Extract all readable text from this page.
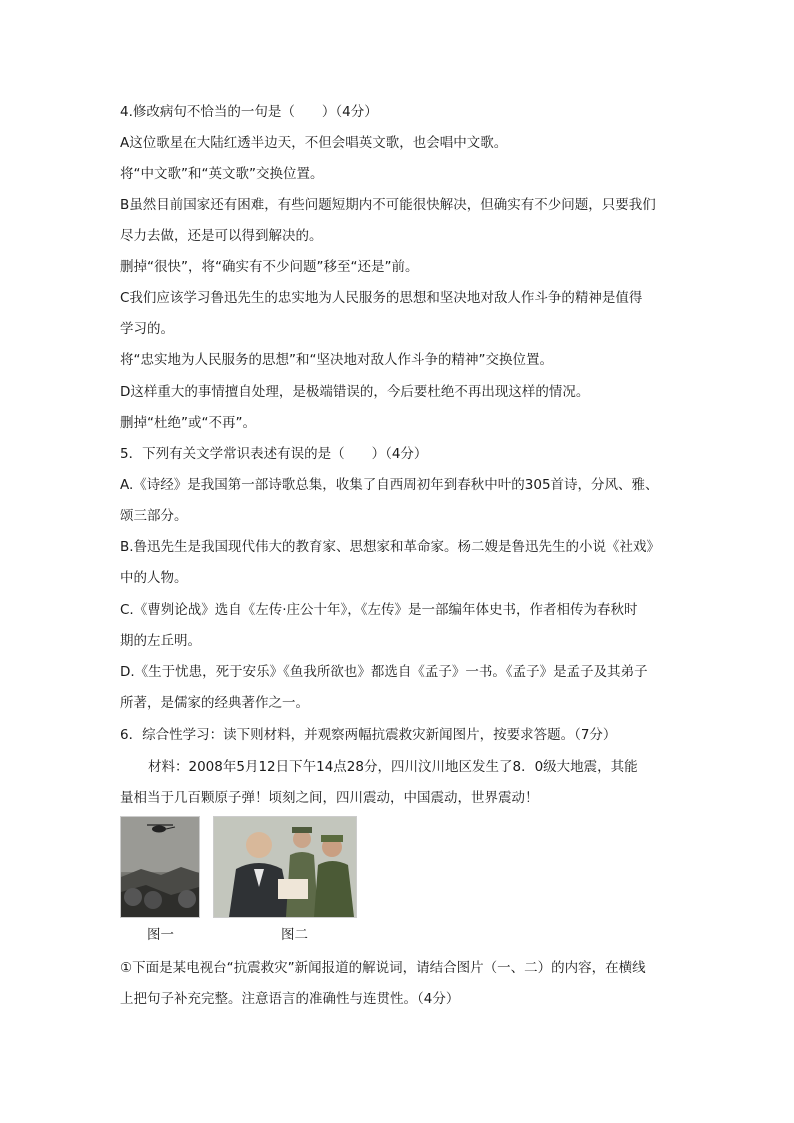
4.修改病句不恰当的一句是（　　）（4分）
A这位歌星在大陆红透半边天，不但会唱英文歌，也会唱中文歌。
将“中文歌”和“英文歌”交换位置。
B虽然目前国家还有困难，有些问题短期内不可能很快解决，但确实有不少问题，只要我们
尽力去做，还是可以得到解决的。
删掉“很快”，将“确实有不少问题”移至“还是”前。
C我们应该学习鲁迅先生的忠实地为人民服务的思想和坚决地对敌人作斗争的精神是值得
学习的。
将“忠实地为人民服务的思想”和“坚决地对敌人作斗争的精神”交换位置。
D这样重大的事情擅自处理，是极端错误的，今后要杜绝不再出现这样的情况。
删掉“杜绝”或“不再”。
5．下列有关文学常识表述有误的是（　　）（4分）
A.《诗经》是我国第一部诗歌总集，收集了自西周初年到春秋中叶的305首诗，分风、雅、
颂三部分。
B.鲁迅先生是我国现代伟大的教育家、思想家和革命家。杨二嫂是鲁迅先生的小说《社戏》
中的人物。
C.《曹刿论战》选自《左传·庄公十年》，《左传》是一部编年体史书，作者相传为春秋时
期的左丘明。
D.《生于忧患，死于安乐》《鱼我所欲也》都选自《孟子》一书。《孟子》是孟子及其弟子
所著，是儒家的经典著作之一。
6．综合性学习：读下则材料，并观察两幅抗震救灾新闻图片，按要求答题。（7分）
材料：2008年5月12日下午14点28分，四川汶川地区发生了8．0级大地震，其能
量相当于几百颗原子弹！顷刻之间，四川震动，中国震动，世界震动！
图一	图二
①下面是某电视台“抗震救灾”新闻报道的解说词，请结合图片（一、二）的内容，在横线
上把句子补充完整。注意语言的准确性与连贯性。（4分）
